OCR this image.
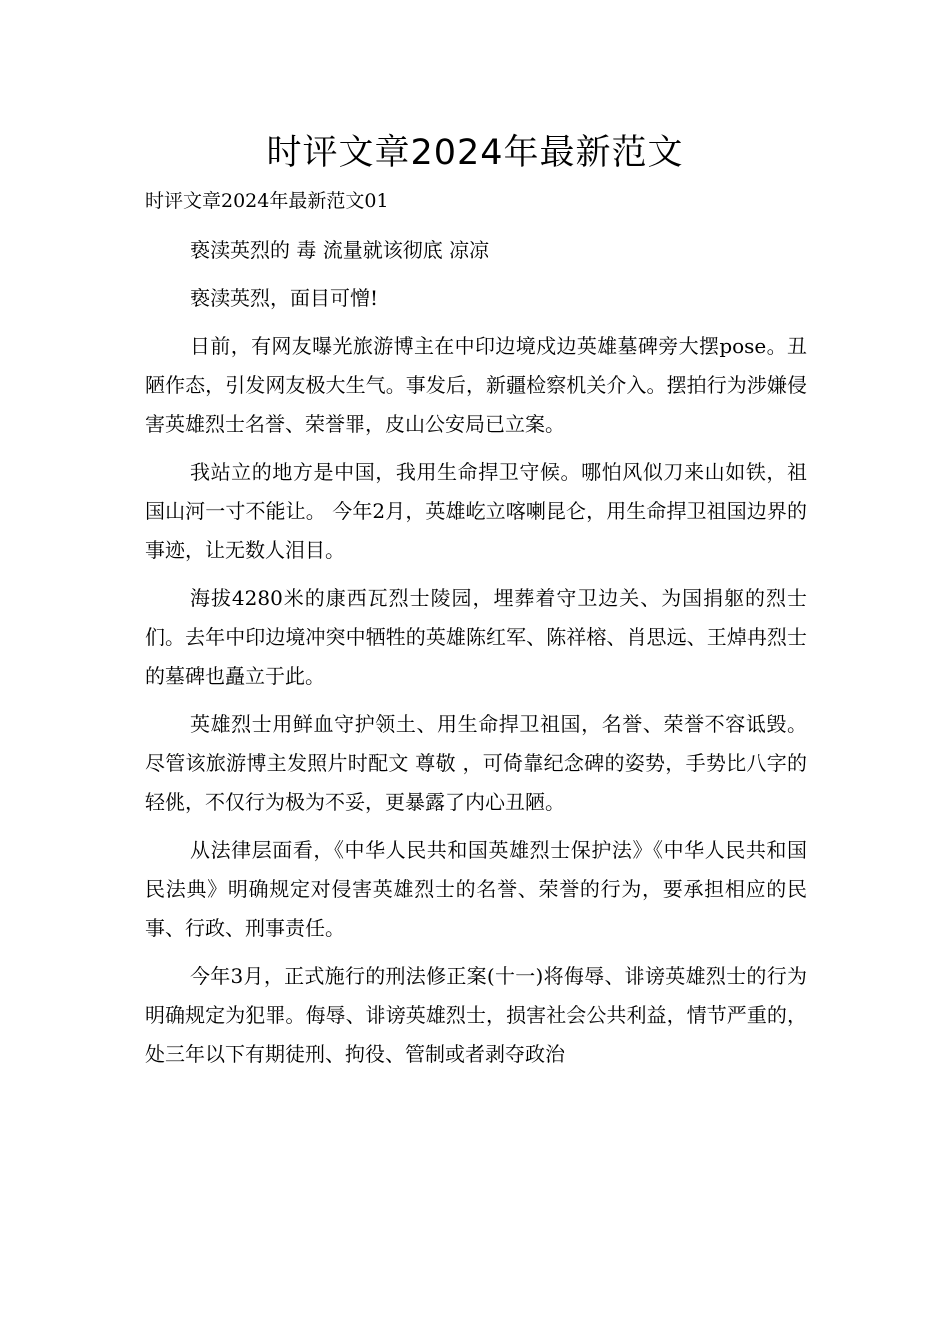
时评文章2024年最新范文
时评文章2024年最新范文01

亵渎英烈的 毒 流量就该彻底 凉凉

亵渎英烈，面目可憎!

日前，有网友曝光旅游博主在中印边境戍边英雄墓碑旁大摆pose。丑陋作态，引发网友极大生气。事发后，新疆检察机关介入。摆拍行为涉嫌侵害英雄烈士名誉、荣誉罪，皮山公安局已立案。

我站立的地方是中国，我用生命捍卫守候。哪怕风似刀来山如铁，祖国山河一寸不能让。 今年2月，英雄屹立喀喇昆仑，用生命捍卫祖国边界的事迹，让无数人泪目。

海拔4280米的康西瓦烈士陵园，埋葬着守卫边关、为国捐躯的烈士们。去年中印边境冲突中牺牲的英雄陈红军、陈祥榕、肖思远、王焯冉烈士的墓碑也矗立于此。

英雄烈士用鲜血守护领土、用生命捍卫祖国，名誉、荣誉不容诋毁。尽管该旅游博主发照片时配文 尊敬 ，可倚靠纪念碑的姿势，手势比八字的轻佻，不仅行为极为不妥，更暴露了内心丑陋。

从法律层面看，《中华人民共和国英雄烈士保护法》《中华人民共和国民法典》明确规定对侵害英雄烈士的名誉、荣誉的行为，要承担相应的民事、行政、刑事责任。

今年3月，正式施行的刑法修正案(十一)将侮辱、诽谤英雄烈士的行为明确规定为犯罪。侮辱、诽谤英雄烈士，损害社会公共利益，情节严重的，处三年以下有期徒刑、拘役、管制或者剥夺政治
